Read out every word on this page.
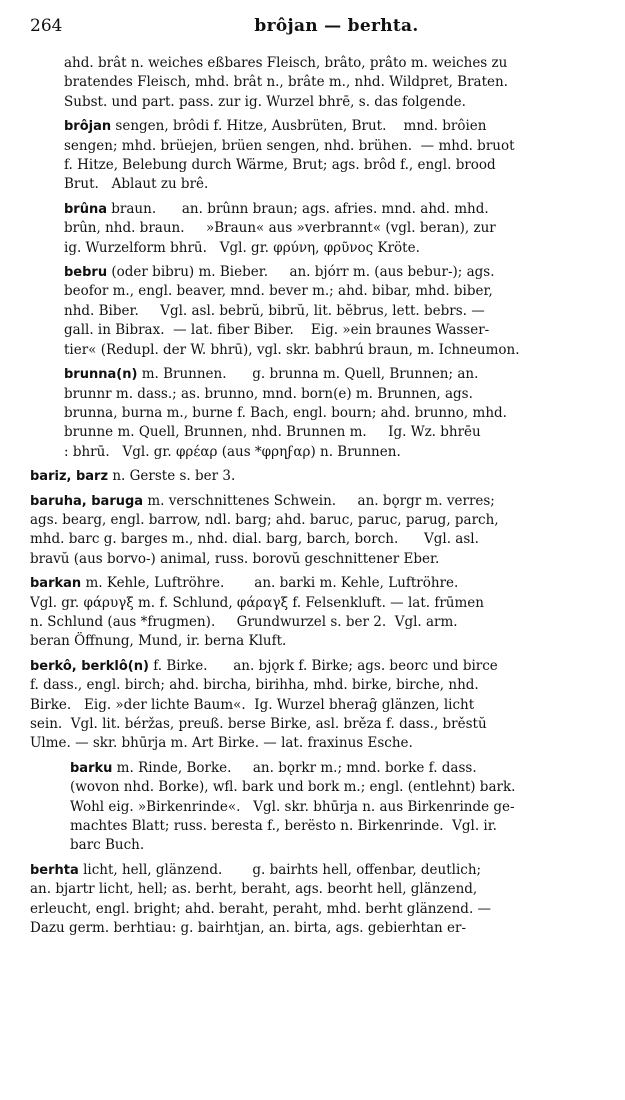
264	brôjan — berhta.
ahd. brât n. weiches eßbares Fleisch, brâto, prâto m. weiches zu
bratendes Fleisch, mhd. brât n., brâte m., nhd. Wildpret, Braten.
Subst. und part. pass. zur ig. Wurzel bhrē, s. das folgende.
brôjan sengen, brôdi f. Hitze, Ausbrüten, Brut.    mnd. brôien
sengen; mhd. brüejen, brüen sengen, nhd. brühen.  — mhd. bruot
f. Hitze, Belebung durch Wärme, Brut; ags. brôd f., engl. brood
Brut.   Ablaut zu brê.
brûna braun.      an. brûnn braun; ags. afries. mnd. ahd. mhd.
brûn, nhd. braun.     »Braun« aus »verbrannt« (vgl. beran), zur
ig. Wurzelform bhrū.   Vgl. gr. φρύνη, φρῦνος Kröte.
bebru (oder bibru) m. Bieber.     an. bjórr m. (aus bebur-); ags.
beofor m., engl. beaver, mnd. bever m.; ahd. bibar, mhd. biber,
nhd. Biber.     Vgl. asl. bebrŭ, bibrŭ, lit. bĕbrus, lett. bebrs. —
gall. in Bibrax.  — lat. fiber Biber.    Eig. »ein braunes Wasser-
tier« (Redupl. der W. bhrū), vgl. skr. babhrú braun, m. Ichneumon.
brunna(n) m. Brunnen.      g. brunna m. Quell, Brunnen; an.
brunnr m. dass.; as. brunno, mnd. born(e) m. Brunnen, ags.
brunna, burna m., burne f. Bach, engl. bourn; ahd. brunno, mhd.
brunne m. Quell, Brunnen, nhd. Brunnen m.     Ig. Wz. bhrēu
: bhrū.   Vgl. gr. φρέαρ (aus *φρηϝαρ) n. Brunnen.
bariz, barz n. Gerste s. ber 3.
baruha, baruga m. verschnittenes Schwein.     an. bǫrgr m. verres;
ags. bearg, engl. barrow, ndl. barg; ahd. baruc, paruc, parug, parch,
mhd. barc g. barges m., nhd. dial. barg, barch, borch.      Vgl. asl.
bravŭ (aus borvo-) animal, russ. borovŭ geschnittener Eber.
barkan m. Kehle, Luftröhre.       an. barki m. Kehle, Luftröhre.
Vgl. gr. φάρυγξ m. f. Schlund, φάραγξ f. Felsenkluft. — lat. frūmen
n. Schlund (aus *frugmen).     Grundwurzel s. ber 2.  Vgl. arm.
beran Öffnung, Mund, ir. berna Kluft.
berkô, berklô(n) f. Birke.      an. bjǫrk f. Birke; ags. beorc und birce
f. dass., engl. birch; ahd. bircha, birihha, mhd. birke, birche, nhd.
Birke.   Eig. »der lichte Baum«.  Ig. Wurzel bherag̑ glänzen, licht
sein.  Vgl. lit. béržas, preuß. berse Birke, asl. brěza f. dass., brěstŭ
Ulme. — skr. bhūrja m. Art Birke. — lat. fraxinus Esche.
barku m. Rinde, Borke.     an. bǫrkr m.; mnd. borke f. dass.
(wovon nhd. Borke), wfl. bark und bork m.; engl. (entlehnt) bark.
Wohl eig. »Birkenrinde«.   Vgl. skr. bhūrja n. aus Birkenrinde ge-
machtes Blatt; russ. beresta f., berësto n. Birkenrinde.  Vgl. ir.
barc Buch.
berhta licht, hell, glänzend.       g. bairhts hell, offenbar, deutlich;
an. bjartr licht, hell; as. berht, beraht, ags. beorht hell, glänzend,
erleucht, engl. bright; ahd. beraht, peraht, mhd. berht glänzend. —
Dazu germ. berhtiau: g. bairhtjan, an. birta, ags. gebierhtan er-
